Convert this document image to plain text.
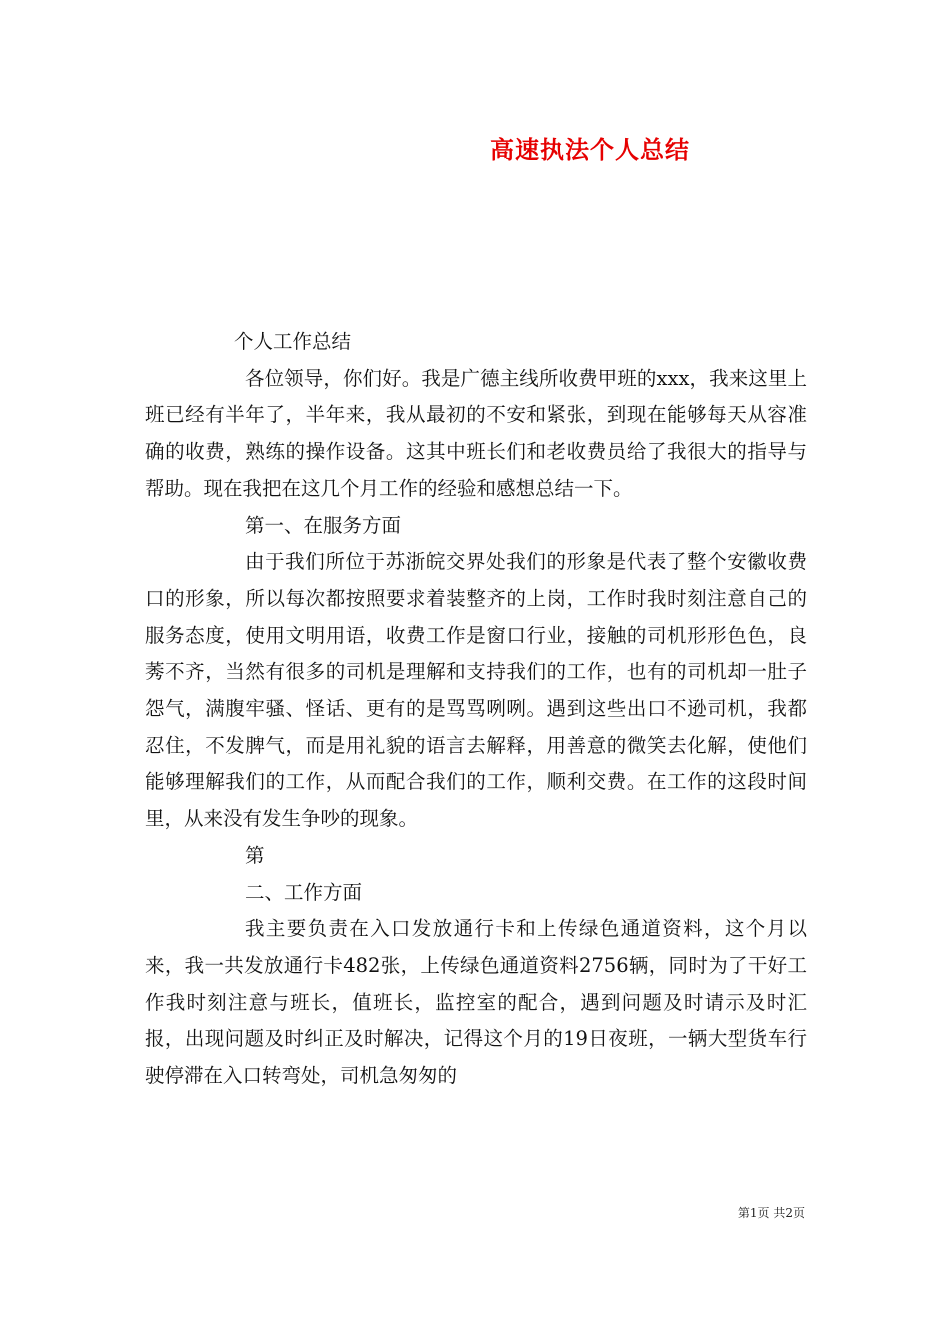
高速执法个人总结

个人工作总结

各位领导，你们好。我是广德主线所收费甲班的xxx，我来这里上班已经有半年了，半年来，我从最初的不安和紧张，到现在能够每天从容准确的收费，熟练的操作设备。这其中班长们和老收费员给了我很大的指导与帮助。现在我把在这几个月工作的经验和感想总结一下。

第一、在服务方面

由于我们所位于苏浙皖交界处我们的形象是代表了整个安徽收费口的形象，所以每次都按照要求着装整齐的上岗，工作时我时刻注意自己的服务态度，使用文明用语，收费工作是窗口行业，接触的司机形形色色，良莠不齐，当然有很多的司机是理解和支持我们的工作，也有的司机却一肚子怨气，满腹牢骚、怪话、更有的是骂骂咧咧。遇到这些出口不逊司机，我都忍住，不发脾气，而是用礼貌的语言去解释，用善意的微笑去化解，使他们能够理解我们的工作，从而配合我们的工作，顺利交费。在工作的这段时间里，从来没有发生争吵的现象。

第

二、工作方面

我主要负责在入口发放通行卡和上传绿色通道资料，这个月以来，我一共发放通行卡482张，上传绿色通道资料2756辆，同时为了干好工作我时刻注意与班长，值班长，监控室的配合，遇到问题及时请示及时汇报，出现问题及时纠正及时解决，记得这个月的19日夜班，一辆大型货车行驶停滞在入口转弯处，司机急匆匆的

第1页 共2页
